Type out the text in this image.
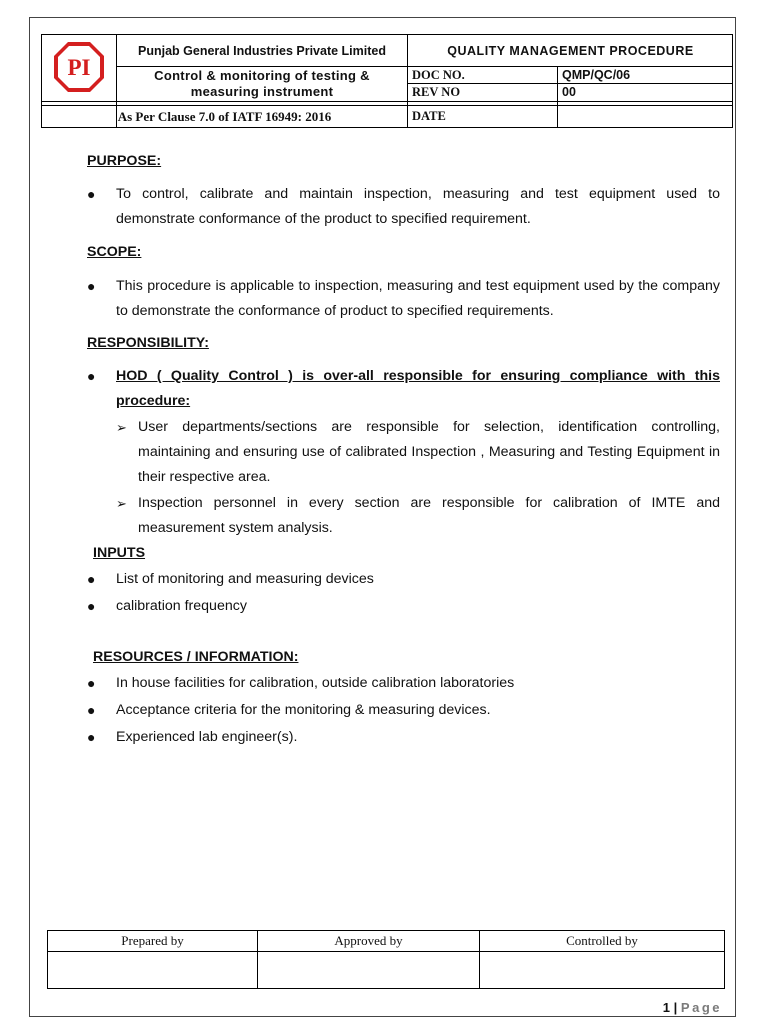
PI
Punjab General Industries Private Limited	QUALITY MANAGEMENT PROCEDURE
Control & monitoring of testing & measuring instrument
DOC NO.	QMP/QC/06
REV NO	00
As Per Clause 7.0 of IATF 16949: 2016	DATE
PURPOSE:
●	To control, calibrate and maintain inspection, measuring and test equipment used to demonstrate conformance of the product to specified requirement.
SCOPE:
●	This procedure is applicable to inspection, measuring and test equipment used by the company to demonstrate the conformance of product to specified requirements.
RESPONSIBILITY:
●	HOD ( Quality Control ) is over-all responsible for ensuring compliance with this procedure:
➢ User departments/sections are responsible for selection, identification controlling, maintaining and ensuring use of calibrated Inspection , Measuring and Testing Equipment in their respective area.
➢ Inspection personnel in every section are responsible for calibration of IMTE and measurement system analysis.
INPUTS
●	List of monitoring and measuring devices
●	calibration frequency
RESOURCES / INFORMATION:
●	In house facilities for calibration, outside calibration laboratories
●	Acceptance criteria for the monitoring & measuring devices.
●	Experienced lab engineer(s).
Prepared by	Approved by	Controlled by

1 | Page
